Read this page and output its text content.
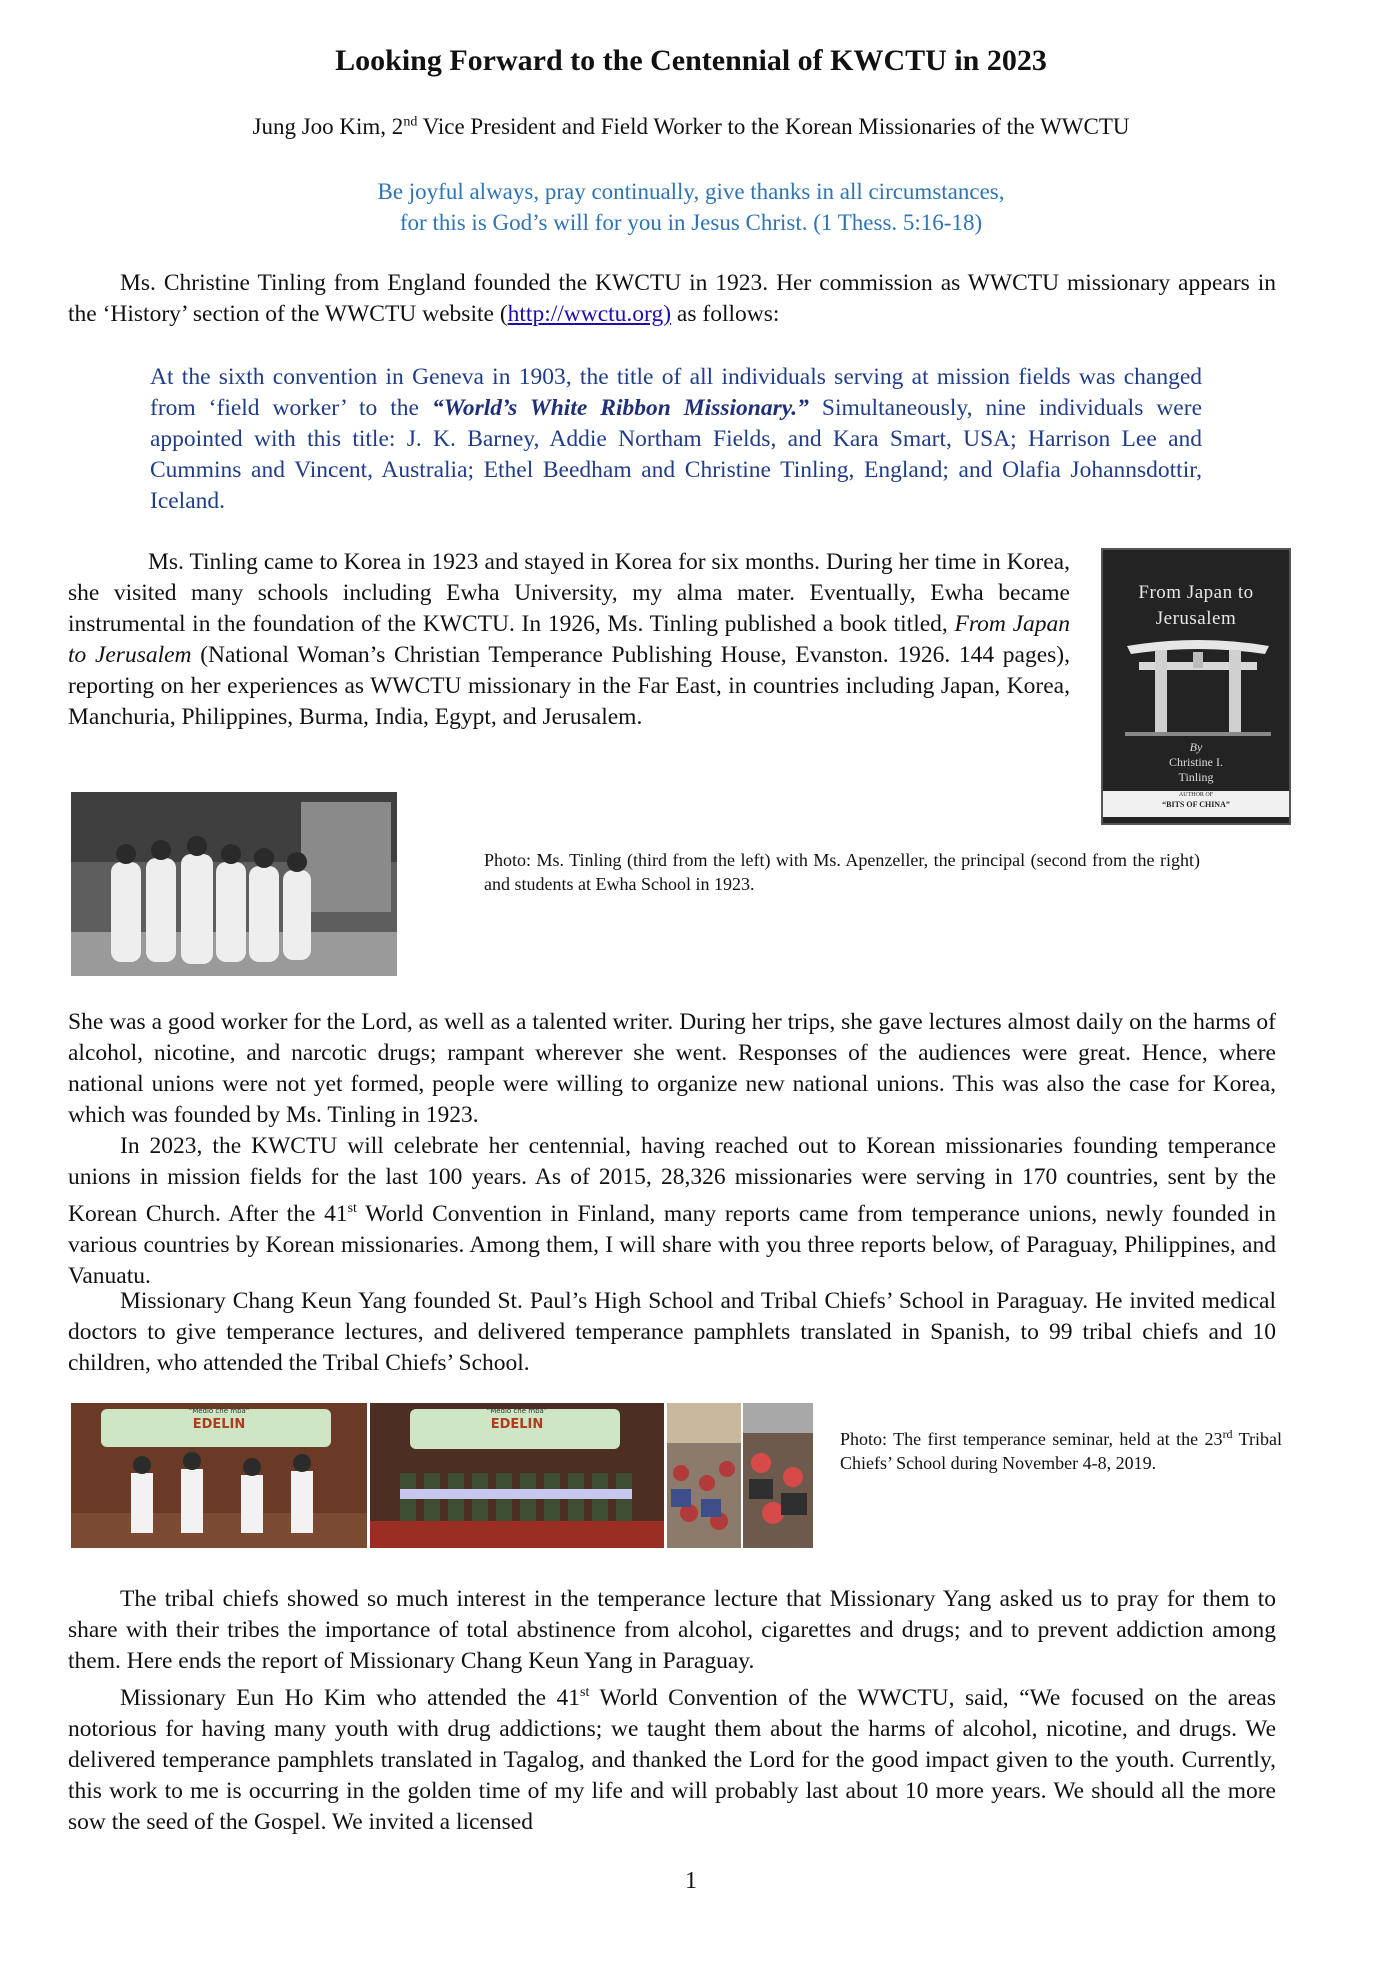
Looking Forward to the Centennial of KWCTU in 2023
Jung Joo Kim, 2nd Vice President and Field Worker to the Korean Missionaries of the WWCTU
Be joyful always, pray continually, give thanks in all circumstances,
for this is God’s will for you in Jesus Christ. (1 Thess. 5:16-18)
Ms. Christine Tinling from England founded the KWCTU in 1923. Her commission as WWCTU missionary appears in the ‘History’ section of the WWCTU website (http://wwctu.org) as follows:
At the sixth convention in Geneva in 1903, the title of all individuals serving at mission fields was changed from ‘field worker’ to the “World’s White Ribbon Missionary.” Simultaneously, nine individuals were appointed with this title: J. K. Barney, Addie Northam Fields, and Kara Smart, USA; Harrison Lee and Cummins and Vincent, Australia; Ethel Beedham and Christine Tinling, England; and Olafia Johannsdottir, Iceland.
Ms. Tinling came to Korea in 1923 and stayed in Korea for six months. During her time in Korea, she visited many schools including Ewha University, my alma mater. Eventually, Ewha became instrumental in the foundation of the KWCTU. In 1926, Ms. Tinling published a book titled, From Japan to Jerusalem (National Woman’s Christian Temperance Publishing House, Evanston. 1926. 144 pages), reporting on her experiences as WWCTU missionary in the Far East, in countries including Japan, Korea, Manchuria, Philippines, Burma, India, Egypt, and Jerusalem.
From Japan to
Jerusalem
By
Christine I.
Tinling
AUTHOR OF
“BITS OF CHINA”
Photo: Ms. Tinling (third from the left) with Ms. Apenzeller, the principal (second from the right) and students at Ewha School in 1923.
She was a good worker for the Lord, as well as a talented writer. During her trips, she gave lectures almost daily on the harms of alcohol, nicotine, and narcotic drugs; rampant wherever she went. Responses of the audiences were great. Hence, where national unions were not yet formed, people were willing to organize new national unions. This was also the case for Korea, which was founded by Ms. Tinling in 1923.
In 2023, the KWCTU will celebrate her centennial, having reached out to Korean missionaries founding temperance unions in mission fields for the last 100 years. As of 2015, 28,326 missionaries were serving in 170 countries, sent by the Korean Church. After the 41st World Convention in Finland, many reports came from temperance unions, newly founded in various countries by Korean missionaries. Among them, I will share with you three reports below, of Paraguay, Philippines, and Vanuatu.
Missionary Chang Keun Yang founded St. Paul’s High School and Tribal Chiefs’ School in Paraguay. He invited medical doctors to give temperance lectures, and delivered temperance pamphlets translated in Spanish, to 99 tribal chiefs and 10 children, who attended the Tribal Chiefs’ School.
EDELIN
“Medio che mbá”
EDELIN
“Medio che mbá”
Photo: The first temperance seminar, held at the 23rd Tribal Chiefs’ School during November 4-8, 2019.
The tribal chiefs showed so much interest in the temperance lecture that Missionary Yang asked us to pray for them to share with their tribes the importance of total abstinence from alcohol, cigarettes and drugs; and to prevent addiction among them. Here ends the report of Missionary Chang Keun Yang in Paraguay.
Missionary Eun Ho Kim who attended the 41st World Convention of the WWCTU, said, “We focused on the areas notorious for having many youth with drug addictions; we taught them about the harms of alcohol, nicotine, and drugs. We delivered temperance pamphlets translated in Tagalog, and thanked the Lord for the good impact given to the youth. Currently, this work to me is occurring in the golden time of my life and will probably last about 10 more years. We should all the more sow the seed of the Gospel. We invited a licensed
1
